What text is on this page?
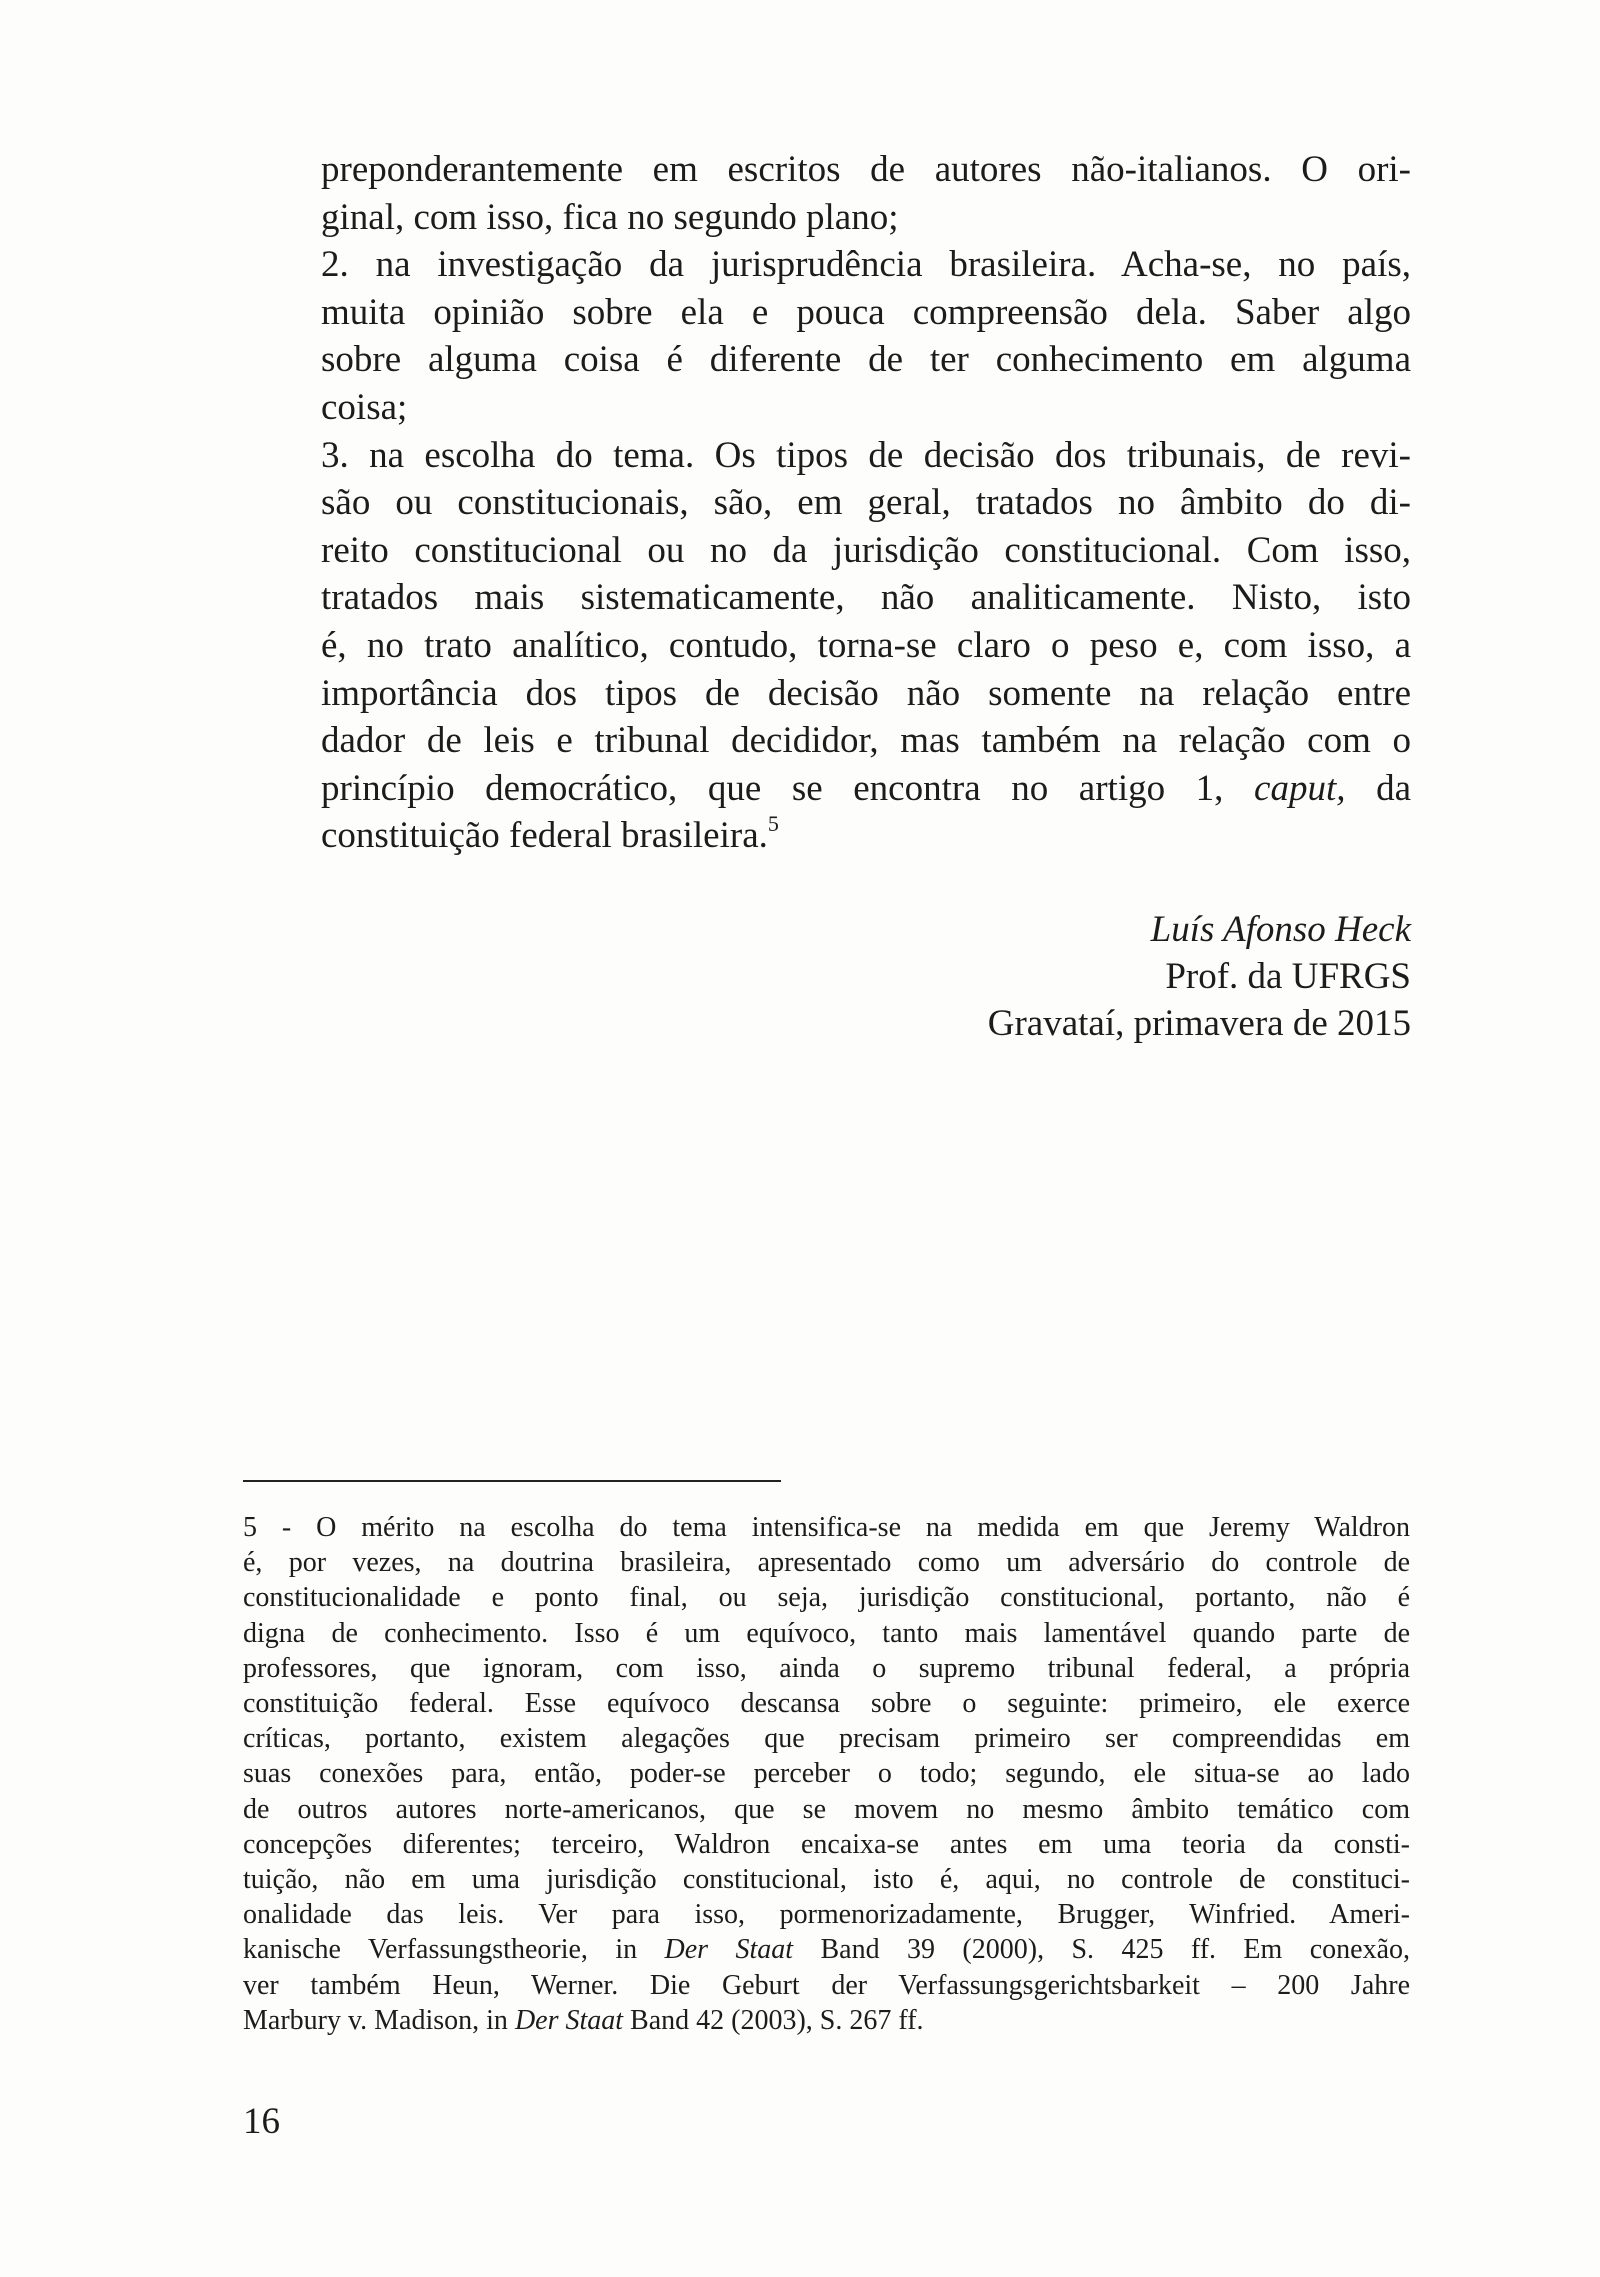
preponderantemente em escritos de autores não-italianos. O ori-
ginal, com isso, fica no segundo plano;
2. na investigação da jurisprudência brasileira. Acha-se, no país,
muita opinião sobre ela e pouca compreensão dela. Saber algo
sobre alguma coisa é diferente de ter conhecimento em alguma
coisa;
3. na escolha do tema. Os tipos de decisão dos tribunais, de revi-
são ou constitucionais, são, em geral, tratados no âmbito do di-
reito constitucional ou no da jurisdição constitucional. Com isso,
tratados mais sistematicamente, não analiticamente. Nisto, isto
é, no trato analítico, contudo, torna-se claro o peso e, com isso, a
importância dos tipos de decisão não somente na relação entre
dador de leis e tribunal decididor, mas também na relação com o
princípio democrático, que se encontra no artigo 1, caput, da
constituição federal brasileira.$^5$
Luís Afonso Heck
Prof. da UFRGS
Gravataí, primavera de 2015
5 - O mérito na escolha do tema intensifica-se na medida em que Jeremy Waldron
é, por vezes, na doutrina brasileira, apresentado como um adversário do controle de
constitucionalidade e ponto final, ou seja, jurisdição constitucional, portanto, não é
digna de conhecimento. Isso é um equívoco, tanto mais lamentável quando parte de
professores, que ignoram, com isso, ainda o supremo tribunal federal, a própria
constituição federal. Esse equívoco descansa sobre o seguinte: primeiro, ele exerce
críticas, portanto, existem alegações que precisam primeiro ser compreendidas em
suas conexões para, então, poder-se perceber o todo; segundo, ele situa-se ao lado
de outros autores norte-americanos, que se movem no mesmo âmbito temático com
concepções diferentes; terceiro, Waldron encaixa-se antes em uma teoria da consti-
tuição, não em uma jurisdição constitucional, isto é, aqui, no controle de constituci-
onalidade das leis. Ver para isso, pormenorizadamente, Brugger, Winfried. Ameri-
kanische Verfassungstheorie, in Der Staat Band 39 (2000), S. 425 ff. Em conexão,
ver também Heun, Werner. Die Geburt der Verfassungsgerichtsbarkeit – 200 Jahre
Marbury v. Madison, in Der Staat Band 42 (2003), S. 267 ff.
16
